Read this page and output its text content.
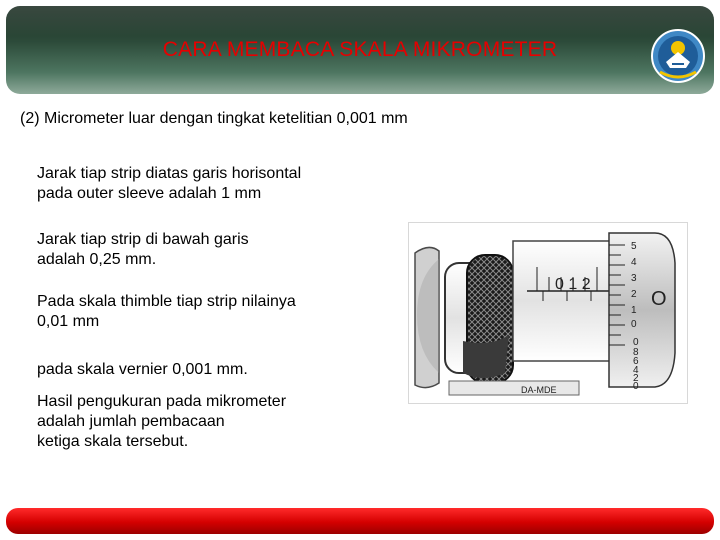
CARA MEMBACA SKALA MIKROMETER
(2) Micrometer luar dengan tingkat ketelitian 0,001 mm
Jarak tiap strip diatas garis horisontal
pada outer sleeve adalah 1 mm
Jarak tiap strip di bawah garis
adalah 0,25 mm.
Pada skala thimble tiap strip nilainya
0,01 mm
pada skala vernier 0,001 mm.
Hasil pengukuran pada mikrometer
adalah jumlah pembacaan
ketiga skala tersebut.
0 1 2
5
4
3
2
1
0
0
8
6
4
2
0
O
DA-MDE
